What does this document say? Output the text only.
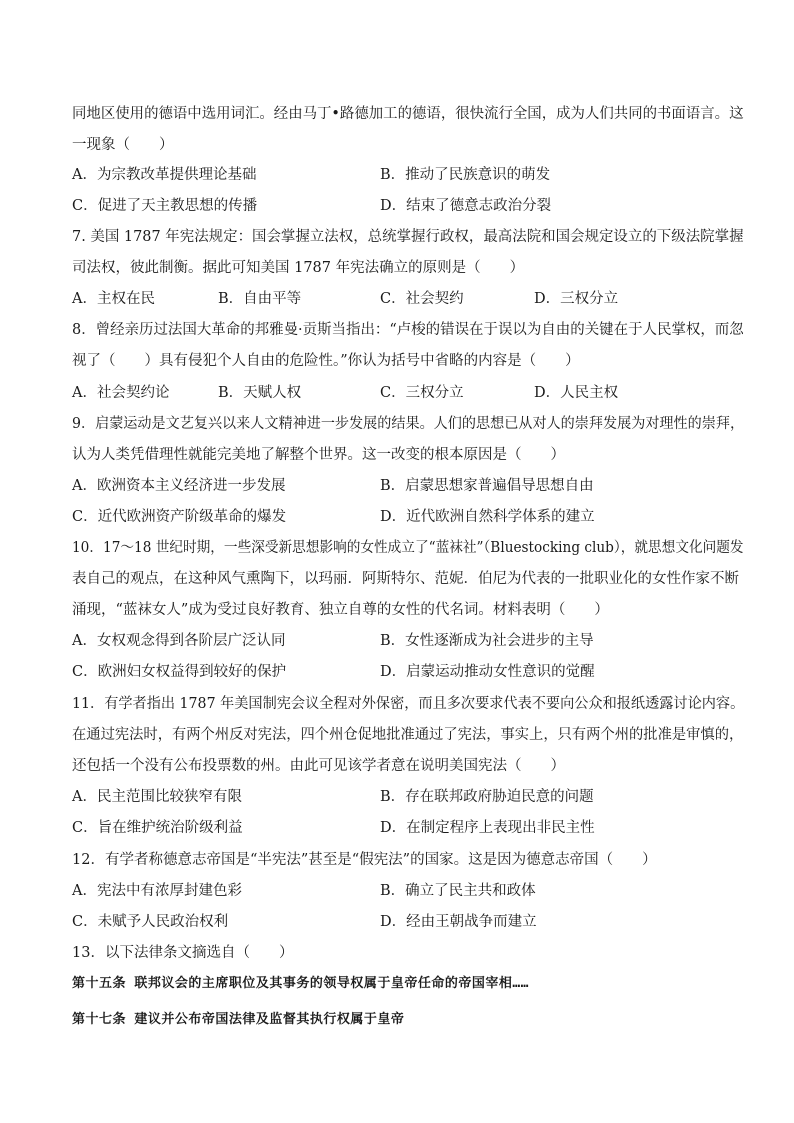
同地区使用的德语中选用词汇。经由马丁•路德加工的德语，很快流行全国，成为人们共同的书面语言。这
一现象（　　）
A．为宗教改革提供理论基础	B．推动了民族意识的萌发
C．促进了天主教思想的传播	D．结束了德意志政治分裂
7. 美国 1787 年宪法规定：国会掌握立法权，总统掌握行政权，最高法院和国会规定设立的下级法院掌握
司法权，彼此制衡。据此可知美国 1787 年宪法确立的原则是（　　）
A．主权在民	B．自由平等	C．社会契约	D．三权分立
8．曾经亲历过法国大革命的邦雅曼·贡斯当指出：“卢梭的错误在于误以为自由的关键在于人民掌权，而忽
视了（　　）具有侵犯个人自由的危险性。”你认为括号中省略的内容是（　　）
A．社会契约论	B．天赋人权	C．三权分立	D．人民主权
9．启蒙运动是文艺复兴以来人文精神进一步发展的结果。人们的思想已从对人的崇拜发展为对理性的崇拜，
认为人类凭借理性就能完美地了解整个世界。这一改变的根本原因是（　　）
A．欧洲资本主义经济进一步发展	B．启蒙思想家普遍倡导思想自由
C．近代欧洲资产阶级革命的爆发	D．近代欧洲自然科学体系的建立
10．17～18 世纪时期，一些深受新思想影响的女性成立了“蓝袜社”（Bluestocking club），就思想文化问题发
表自己的观点，在这种风气熏陶下，以玛丽．阿斯特尔、范妮．伯尼为代表的一批职业化的女性作家不断
涌现，“蓝袜女人”成为受过良好教育、独立自尊的女性的代名词。材料表明（　　）
A．女权观念得到各阶层广泛认同	B．女性逐渐成为社会进步的主导
C．欧洲妇女权益得到较好的保护	D．启蒙运动推动女性意识的觉醒
11．有学者指出 1787 年美国制宪会议全程对外保密，而且多次要求代表不要向公众和报纸透露讨论内容。
在通过宪法时，有两个州反对宪法，四个州仓促地批准通过了宪法，事实上，只有两个州的批准是审慎的，
还包括一个没有公布投票数的州。由此可见该学者意在说明美国宪法（　　）
A．民主范围比较狭窄有限	B．存在联邦政府胁迫民意的问题
C．旨在维护统治阶级利益	D．在制定程序上表现出非民主性
12．有学者称德意志帝国是“半宪法”甚至是“假宪法”的国家。这是因为德意志帝国（　　）
A．宪法中有浓厚封建色彩	B．确立了民主共和政体
C．未赋予人民政治权利	D．经由王朝战争而建立
13．以下法律条文摘选自（　　）
第十五条 联邦议会的主席职位及其事务的领导权属于皇帝任命的帝国宰相……
第十七条 建议并公布帝国法律及监督其执行权属于皇帝
